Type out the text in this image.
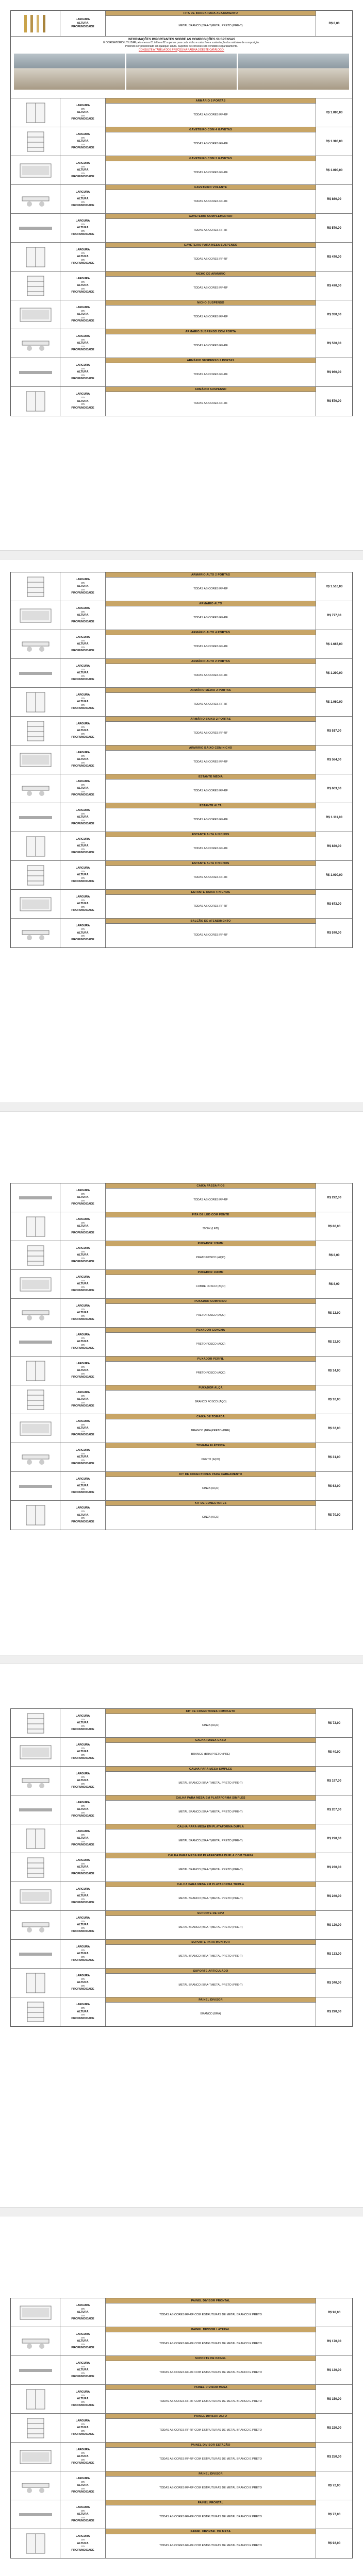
LARGURA
ALTURA
PROFUNDIDADE
FITA DE BORDA PARA ACABAMENTO
METAL BRANCO (BRA-T) METAL PRETO (PRE-T)
R$ 8,00
INFORMAÇÕES IMPORTANTES SOBRE AS COMPOSIÇÕES SUSPENSAS
É OBRIGATÓRIO UTILIZAR pelo menos 01 trilho e 02 suportes para cada nicho e caixa fixo a sustentação dos módulos de composição.
Podendo ser posicionado em qualquer altura. Suportes de consoles são vendidos separadamente.
CONSULTE A TABELA DOS PREÇOS NA PÁGINA 3 DESTE CATÁLOGO.
LARGURA
cm
ALTURA
cm
PROFUNDIDADE
ARMÁRIO 2 PORTAS
TODAS AS CORES RF-RF
R$ 1.090,00
LARGURA
cm
ALTURA
cm
PROFUNDIDADE
GAVETEIRO COM 4 GAVETAS
TODAS AS CORES RF-RF
R$ 1.390,00
LARGURA
cm
ALTURA
cm
PROFUNDIDADE
GAVETEIRO COM 3 GAVETAS
TODAS AS CORES RF-RF
R$ 1.090,00
LARGURA
cm
ALTURA
cm
PROFUNDIDADE
GAVETEIRO VOLANTE
TODAS AS CORES RF-RF
R$ 860,00
LARGURA
cm
ALTURA
cm
PROFUNDIDADE
GAVETEIRO COMPLEMENTAR
TODAS AS CORES RF-RF
R$ 570,00
LARGURA
cm
ALTURA
cm
PROFUNDIDADE
GAVETEIRO PARA MESA SUSPENSO
TODAS AS CORES RF-RF
R$ 470,00
LARGURA
cm
ALTURA
cm
PROFUNDIDADE
NICHO DE ARMÁRIO
TODAS AS CORES RF-RF
R$ 470,00
LARGURA
cm
ALTURA
cm
PROFUNDIDADE
NICHO SUSPENSO
TODAS AS CORES RF-RF
R$ 330,00
LARGURA
cm
ALTURA
cm
PROFUNDIDADE
ARMÁRIO SUSPENSO COM PORTA
TODAS AS CORES RF-RF
R$ 530,00
LARGURA
cm
ALTURA
cm
PROFUNDIDADE
ARMÁRIO SUSPENSO 2 PORTAS
TODAS AS CORES RF-RF
R$ 960,00
LARGURA
cm
ALTURA
cm
PROFUNDIDADE
ARMÁRIO SUSPENSO
TODAS AS CORES RF-RF
R$ 570,00
LARGURA
cm
ALTURA
cm
PROFUNDIDADE
ARMÁRIO ALTO 2 PORTAS
TODAS AS CORES RF-RF
R$ 1.510,00
LARGURA
cm
ALTURA
cm
PROFUNDIDADE
ARMÁRIO ALTO
TODAS AS CORES RF-RF
R$ 777,00
LARGURA
cm
ALTURA
cm
PROFUNDIDADE
ARMÁRIO ALTO 4 PORTAS
TODAS AS CORES RF-RF
R$ 1.667,00
LARGURA
cm
ALTURA
cm
PROFUNDIDADE
ARMÁRIO ALTO 2 PORTAS
TODAS AS CORES RF-RF
R$ 1.290,00
LARGURA
cm
ALTURA
cm
PROFUNDIDADE
ARMÁRIO MÉDIO 2 PORTAS
TODAS AS CORES RF-RF
R$ 1.060,00
LARGURA
cm
ALTURA
cm
PROFUNDIDADE
ARMÁRIO BAIXO 2 PORTAS
TODAS AS CORES RF-RF
R$ 517,00
LARGURA
cm
ALTURA
cm
PROFUNDIDADE
ARMÁRIO BAIXO COM NICHO
TODAS AS CORES RF-RF
R$ 584,00
LARGURA
cm
ALTURA
cm
PROFUNDIDADE
ESTANTE MÉDIA
TODAS AS CORES RF-RF
R$ 603,00
LARGURA
cm
ALTURA
cm
PROFUNDIDADE
ESTANTE ALTA
TODAS AS CORES RF-RF
R$ 1.111,00
LARGURA
cm
ALTURA
cm
PROFUNDIDADE
ESTANTE ALTA 6 NICHOS
TODAS AS CORES RF-RF
R$ 830,00
LARGURA
cm
ALTURA
cm
PROFUNDIDADE
ESTANTE ALTA 9 NICHOS
TODAS AS CORES RF-RF
R$ 1.000,00
LARGURA
cm
ALTURA
cm
PROFUNDIDADE
ESTANTE BAIXA 4 NICHOS
TODAS AS CORES RF-RF
R$ 673,00
LARGURA
cm
ALTURA
cm
PROFUNDIDADE
BALCÃO DE ATENDIMENTO
TODAS AS CORES RF-RF
R$ 570,00
LARGURA
cm
ALTURA
cm
PROFUNDIDADE
CAIXA PASSA FIOS
TODAS AS CORES RF-RF
R$ 292,00
LARGURA
cm
ALTURA
cm
PROFUNDIDADE
FITA DE LED COM FONTE
3000K (LED)
R$ 86,00
LARGURA
cm
ALTURA
cm
PROFUNDIDADE
PUXADOR 128MM
PRATO FOSCO (AÇO)
R$ 8,00
LARGURA
cm
ALTURA
cm
PROFUNDIDADE
PUXADOR 160MM
COBRE FOSCO (AÇO)
R$ 8,00
LARGURA
cm
ALTURA
cm
PROFUNDIDADE
PUXADOR COMPRIDO
PRETO FOSCO (AÇO)
R$ 12,00
LARGURA
cm
ALTURA
cm
PROFUNDIDADE
PUXADOR CONCHA
PRETO FOSCO (AÇO)
R$ 12,00
LARGURA
cm
ALTURA
cm
PROFUNDIDADE
PUXADOR PERFIL
PRETO FOSCO (AÇO)
R$ 14,00
LARGURA
cm
ALTURA
cm
PROFUNDIDADE
PUXADOR ALÇA
BRANCO FOSCO (AÇO)
R$ 10,00
LARGURA
cm
ALTURA
cm
PROFUNDIDADE
CAIXA DE TOMADA
BRANCO (BRA) PRETO (PRE)
R$ 32,00
LARGURA
cm
ALTURA
cm
PROFUNDIDADE
TOMADA ELÉTRICA
PRETO (AÇO)
R$ 31,00
LARGURA
cm
ALTURA
cm
PROFUNDIDADE
KIT DE CONECTORES PARA CABEAMENTO
CINZA (AÇO)
R$ 62,00
LARGURA
cm
ALTURA
cm
PROFUNDIDADE
KIT DE CONECTORES
CINZA (AÇO)
R$ 70,00
LARGURA
cm
ALTURA
cm
PROFUNDIDADE
KIT DE CONECTORES COMPLETO
CINZA (AÇO)
R$ 72,00
LARGURA
cm
ALTURA
cm
PROFUNDIDADE
CALHA PASSA CABO
BRANCO (BRA) PRETO (PRE)
R$ 40,00
LARGURA
cm
ALTURA
cm
PROFUNDIDADE
CALHA PARA MESA SIMPLES
METAL BRANCO (BRA-T) METAL PRETO (PRE-T)
R$ 197,00
LARGURA
cm
ALTURA
cm
PROFUNDIDADE
CALHA PARA MESA EM PLATAFORMA SIMPLES
METAL BRANCO (BRA-T) METAL PRETO (PRE-T)
R$ 207,00
LARGURA
cm
ALTURA
cm
PROFUNDIDADE
CALHA PARA MESA EM PLATAFORMA DUPLA
METAL BRANCO (BRA-T) METAL PRETO (PRE-T)
R$ 220,00
LARGURA
cm
ALTURA
cm
PROFUNDIDADE
CALHA PARA MESA EM PLATAFORMA DUPLA COM TAMPA
METAL BRANCO (BRA-T) METAL PRETO (PRE-T)
R$ 230,00
LARGURA
cm
ALTURA
cm
PROFUNDIDADE
CALHA PARA MESA EM PLATAFORMA TRIPLA
METAL BRANCO (BRA-T) METAL PRETO (PRE-T)
R$ 240,00
LARGURA
cm
ALTURA
cm
PROFUNDIDADE
SUPORTE DE CPU
METAL BRANCO (BRA-T) METAL PRETO (PRE-T)
R$ 120,00
LARGURA
cm
ALTURA
cm
PROFUNDIDADE
SUPORTE PARA MONITOR
METAL BRANCO (BRA-T) METAL PRETO (PRE-T)
R$ 133,00
LARGURA
cm
ALTURA
cm
PROFUNDIDADE
SUPORTE ARTICULADO
METAL BRANCO (BRA-T) METAL PRETO (PRE-T)
R$ 340,00
LARGURA
cm
ALTURA
cm
PROFUNDIDADE
PAINEL DIVISOR
BRANCO (BRA)
R$ 290,00
LARGURA
cm
ALTURA
cm
PROFUNDIDADE
PAINEL DIVISOR FRONTAL
TODAS AS CORES RF-RF COM ESTRUTURAS DE METAL BRANCO E PRETO
R$ 98,00
LARGURA
cm
ALTURA
cm
PROFUNDIDADE
PAINEL DIVISOR LATERAL
TODAS AS CORES RF-RF COM ESTRUTURAS DE METAL BRANCO E PRETO
R$ 170,00
LARGURA
cm
ALTURA
cm
PROFUNDIDADE
SUPORTE DE PAINEL
TODAS AS CORES RF-RF COM ESTRUTURAS DE METAL BRANCO E PRETO
R$ 130,00
LARGURA
cm
ALTURA
cm
PROFUNDIDADE
PAINEL DIVISOR MESA
TODAS AS CORES RF-RF COM ESTRUTURAS DE METAL BRANCO E PRETO
R$ 150,00
LARGURA
cm
ALTURA
cm
PROFUNDIDADE
PAINEL DIVISOR ALTO
TODAS AS CORES RF-RF COM ESTRUTURAS DE METAL BRANCO E PRETO
R$ 220,00
LARGURA
cm
ALTURA
cm
PROFUNDIDADE
PAINEL DIVISOR ESTAÇÃO
TODAS AS CORES RF-RF COM ESTRUTURAS DE METAL BRANCO E PRETO
R$ 250,00
LARGURA
cm
ALTURA
cm
PROFUNDIDADE
PAINEL DIVISOR
TODAS AS CORES RF-RF COM ESTRUTURAS DE METAL BRANCO E PRETO
R$ 72,00
LARGURA
cm
ALTURA
cm
PROFUNDIDADE
PAINEL FRONTAL
TODAS AS CORES RF-RF COM ESTRUTURAS DE METAL BRANCO E PRETO
R$ 77,00
LARGURA
cm
ALTURA
cm
PROFUNDIDADE
PAINEL FRONTAL DE MESA
TODAS AS CORES RF-RF COM ESTRUTURAS DE METAL BRANCO E PRETO
R$ 92,00
